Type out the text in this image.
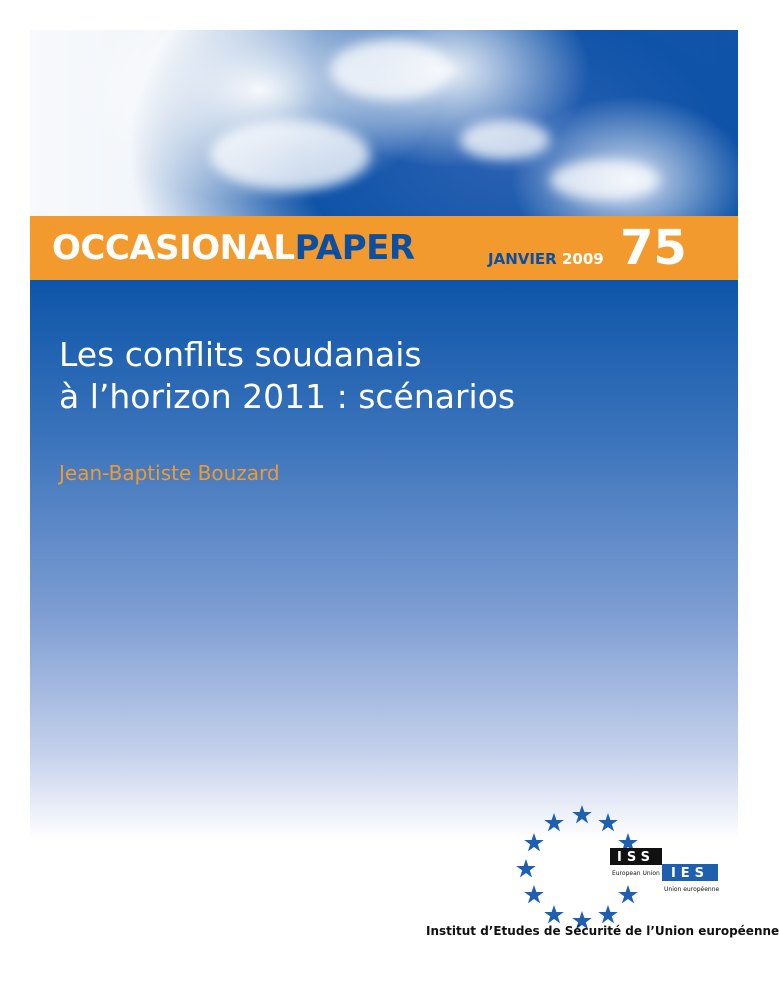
OCCASIONALPAPER	JANVIER 2009 75
Les conflits soudanais
à l’horizon 2011 : scénarios
Jean-Baptiste Bouzard
ISS
European Union IES
Union européenne
Institut d’Etudes de Sécurité de l’Union européenne
